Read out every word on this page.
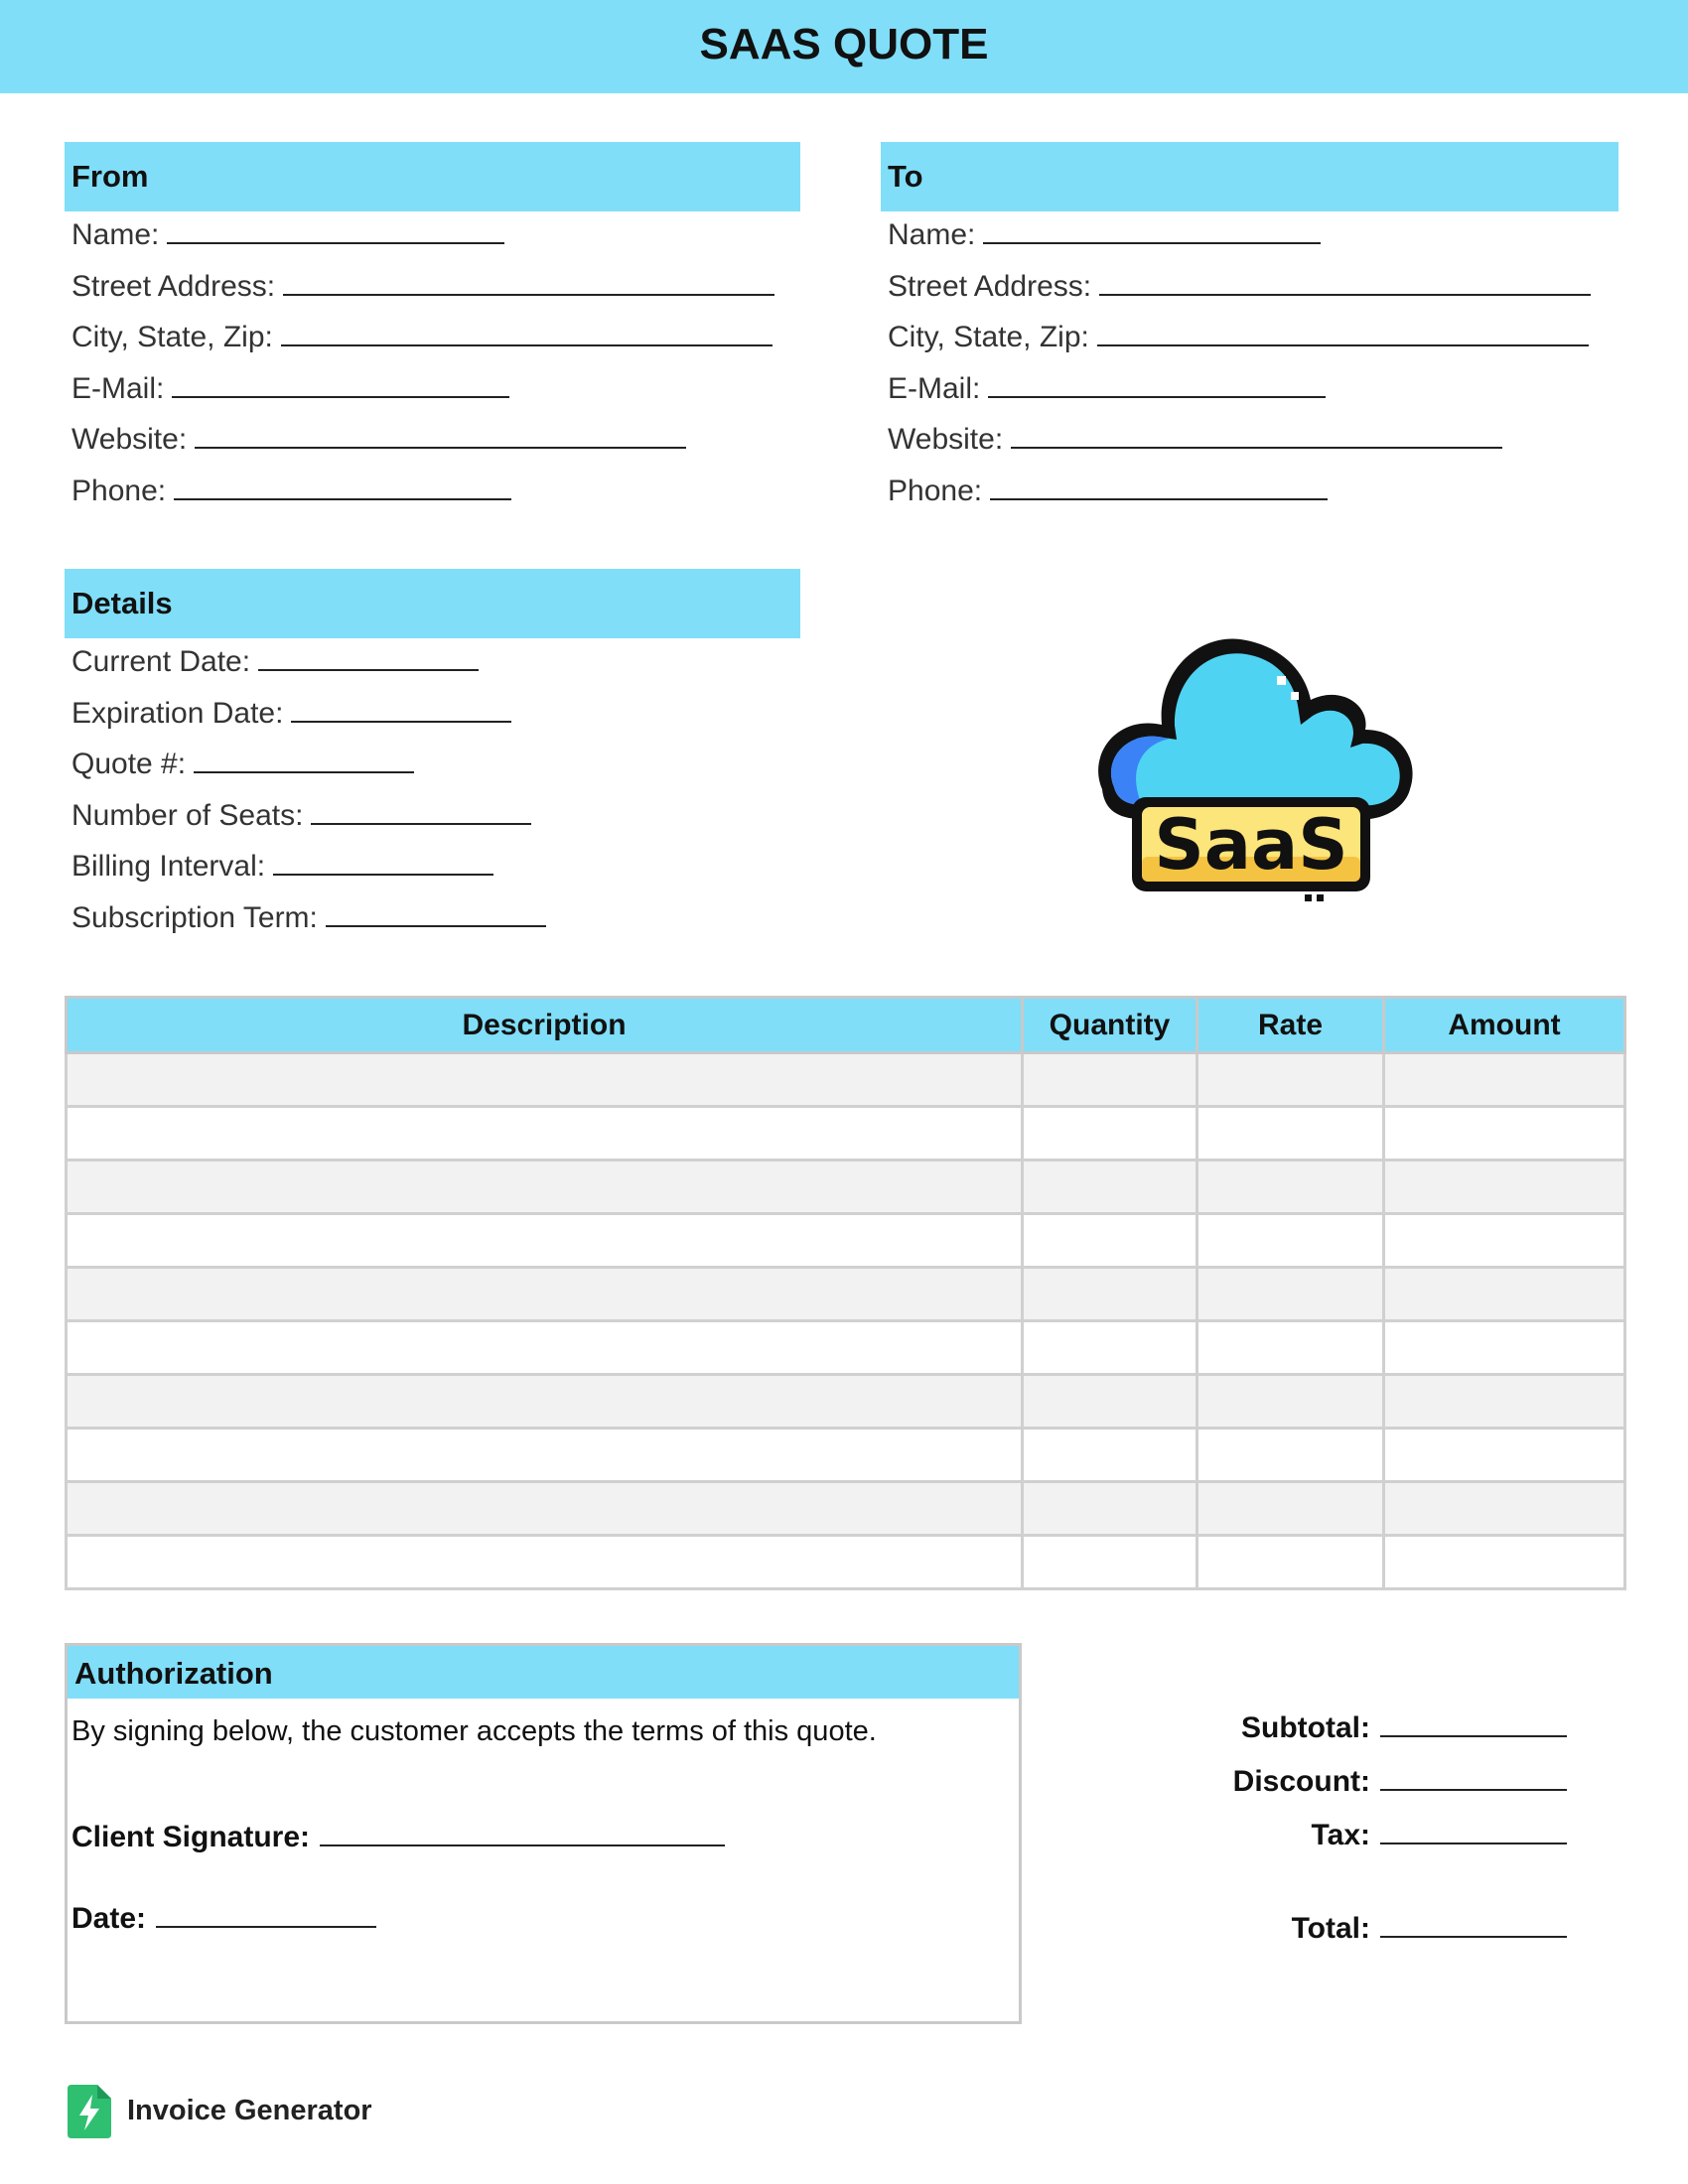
SAAS QUOTE
From
Name:
Street Address:
City, State, Zip:
E-Mail:
Website:
Phone:
To
Name:
Street Address:
City, State, Zip:
E-Mail:
Website:
Phone:
Details
Current Date:
Expiration Date:
Quote #:
Number of Seats:
Billing Interval:
Subscription Term:
SaaS
Description	Quantity	Rate	Amount

Authorization
By signing below, the customer accepts the terms of this quote.
Client Signature:
Date:
Subtotal:
Discount:
Tax:
Total:
Invoice Generator
